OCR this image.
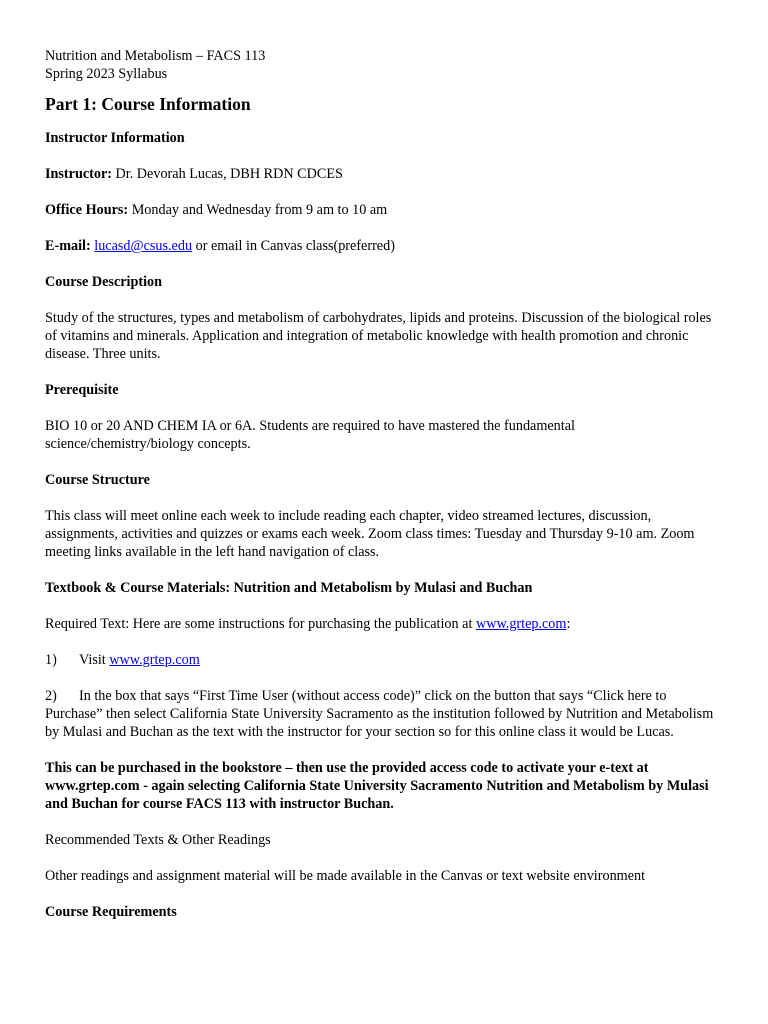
Nutrition and Metabolism – FACS 113

Spring 2023 Syllabus

Part 1: Course Information

Instructor Information

Instructor: Dr. Devorah Lucas, DBH RDN CDCES

Office Hours: Monday and Wednesday from 9 am to 10 am

E-mail: lucasd@csus.edu or email in Canvas class(preferred)

Course Description

Study of the structures, types and metabolism of carbohydrates, lipids and proteins. Discussion of the biological roles of vitamins and minerals. Application and integration of metabolic knowledge with health promotion and chronic disease. Three units.

Prerequisite

BIO 10 or 20 AND CHEM IA or 6A. Students are required to have mastered the fundamental science/chemistry/biology concepts.

Course Structure

This class will meet online each week to include reading each chapter, video streamed lectures, discussion, assignments, activities and quizzes or exams each week. Zoom class times: Tuesday and Thursday 9-10 am. Zoom meeting links available in the left hand navigation of class.

Textbook & Course Materials: Nutrition and Metabolism by Mulasi and Buchan

Required Text: Here are some instructions for purchasing the publication at www.grtep.com:

1) Visit www.grtep.com

2) In the box that says “First Time User (without access code)” click on the button that says “Click here to Purchase” then select California State University Sacramento as the institution followed by Nutrition and Metabolism by Mulasi and Buchan as the text with the instructor for your section so for this online class it would be Lucas.

This can be purchased in the bookstore – then use the provided access code to activate your e-text at www.grtep.com - again selecting California State University Sacramento Nutrition and Metabolism by Mulasi and Buchan for course FACS 113 with instructor Buchan.

Recommended Texts & Other Readings

Other readings and assignment material will be made available in the Canvas or text website environment

Course Requirements
